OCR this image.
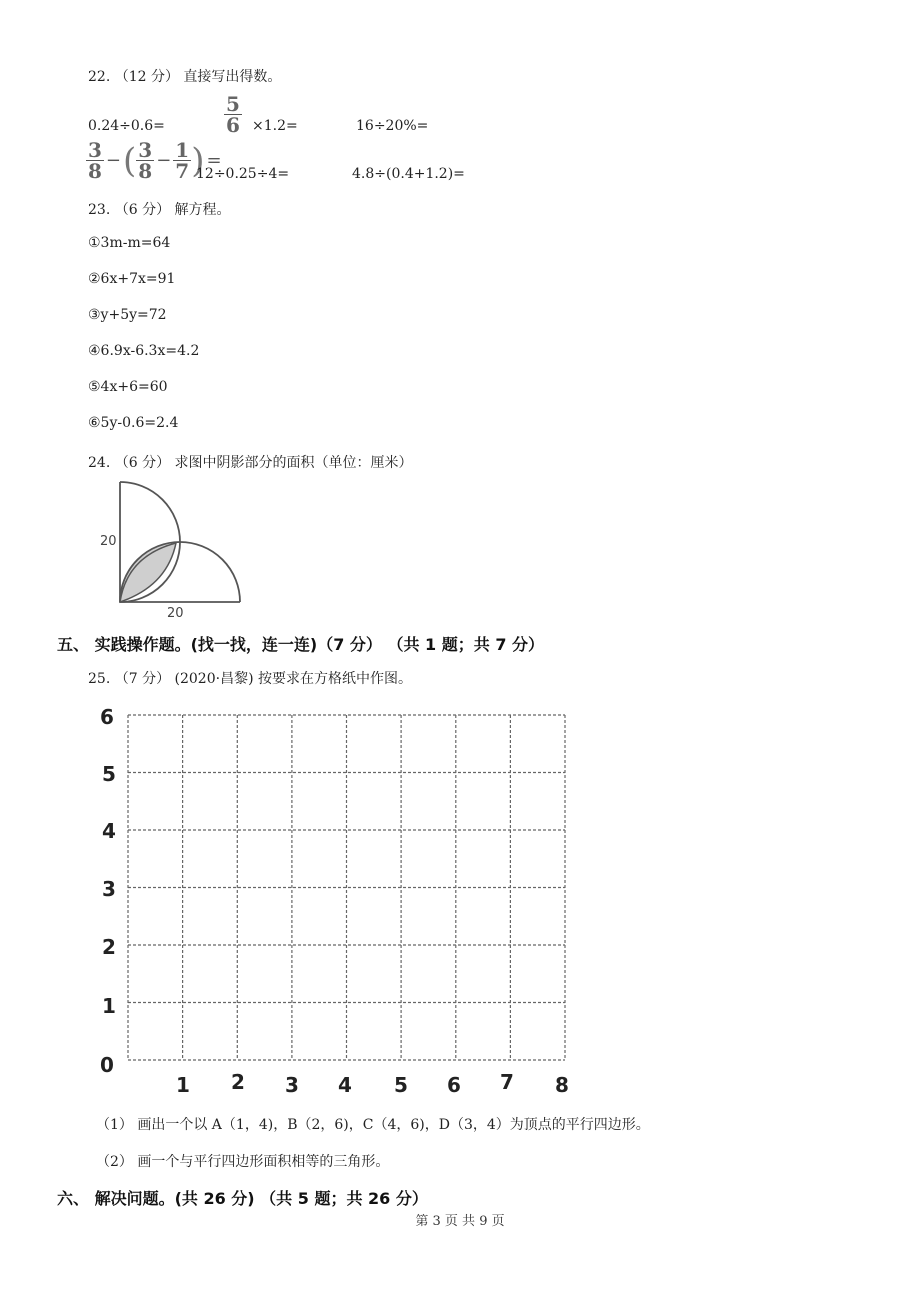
22. （12 分） 直接写出得数。
0.24÷0.6=	$\frac{5}{6} \times 1.2=$	16÷20%=
$\frac{3}{8}$ − ( $\frac{3}{8} - \frac{1}{7}$ ) =
12÷0.25÷4=	4.8÷(0.4+1.2)=
23. （6 分） 解方程。
①3m-m=64
②6x+7x=91
③y+5y=72
④6.9x-6.3x=4.2
⑤4x+6=60
⑥5y-0.6=2.4
24. （6 分） 求图中阴影部分的面积（单位：厘米）
20
20
五、 实践操作题。(找一找，连一连)（7 分） （共 1 题；共 7 分）
25. （7 分） (2020·昌黎) 按要求在方格纸中作图。
0
1
2
3
4
5
6
1 2 3 4 5 6 7 8
（1） 画出一个以 A（1，4)，B（2，6)，C（4，6)，D（3，4）为顶点的平行四边形。
（2） 画一个与平行四边形面积相等的三角形。
六、 解决问题。(共 26 分) （共 5 题；共 26 分）
第 3 页 共 9 页
